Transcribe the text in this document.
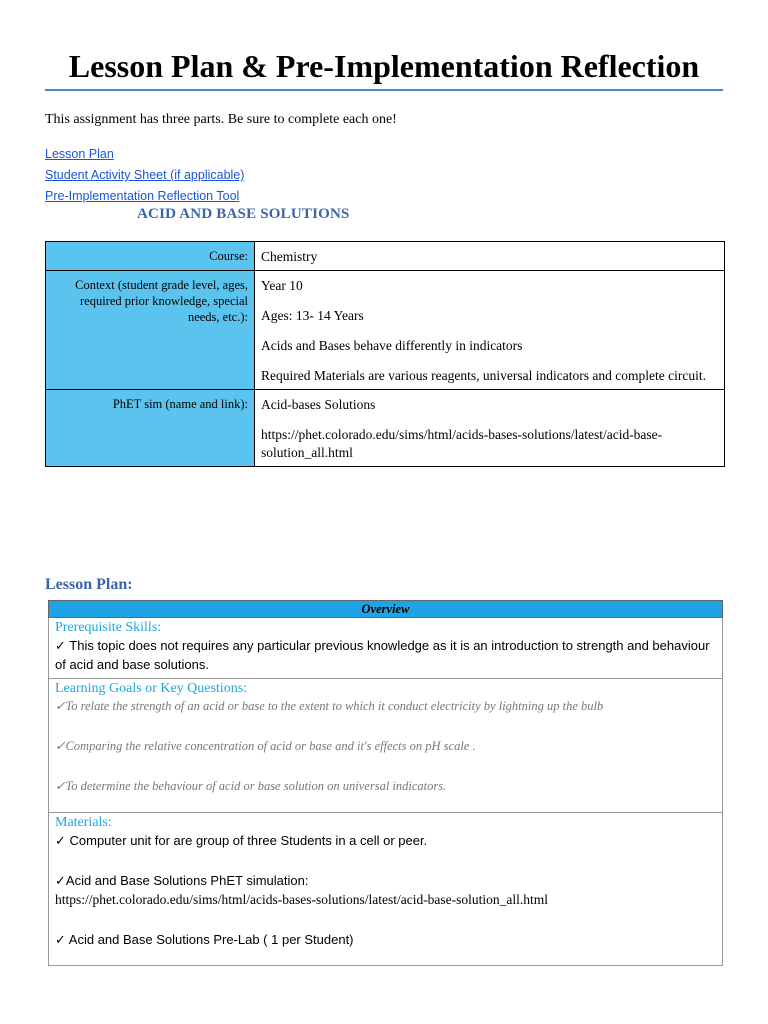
Lesson Plan & Pre-Implementation Reflection
This assignment has three parts. Be sure to complete each one!
Lesson Plan
Student Activity Sheet (if applicable)
Pre-Implementation Reflection Tool
ACID AND BASE SOLUTIONS
Course:	Chemistry

Context (student grade level, ages, required prior knowledge, special needs, etc.):	Year 10

Ages: 13- 14 Years

Acids and Bases behave differently in indicators

Required Materials are various reagents, universal indicators and complete circuit.

PhET sim (name and link):	Acid-bases Solutions

https://phet.colorado.edu/sims/html/acids-bases-solutions/latest/acid-base-solution_all.html

Lesson Plan:
Overview

Prerequisite Skills:
✓ This topic does not requires any particular previous knowledge as it is an introduction to strength and behaviour of acid and base solutions.

Learning Goals or Key Questions:
✓To relate the strength of an acid or base to the extent to which it conduct electricity by lightning up the bulb
✓Comparing the relative concentration of acid or base and it's effects on pH scale .
✓To determine the behaviour of acid or base solution on universal indicators.

Materials:
✓ Computer unit for are group of three Students in a cell or peer.
✓Acid and Base Solutions PhET simulation:
https://phet.colorado.edu/sims/html/acids-bases-solutions/latest/acid-base-solution_all.html
✓ Acid and Base Solutions Pre-Lab ( 1 per Student)
